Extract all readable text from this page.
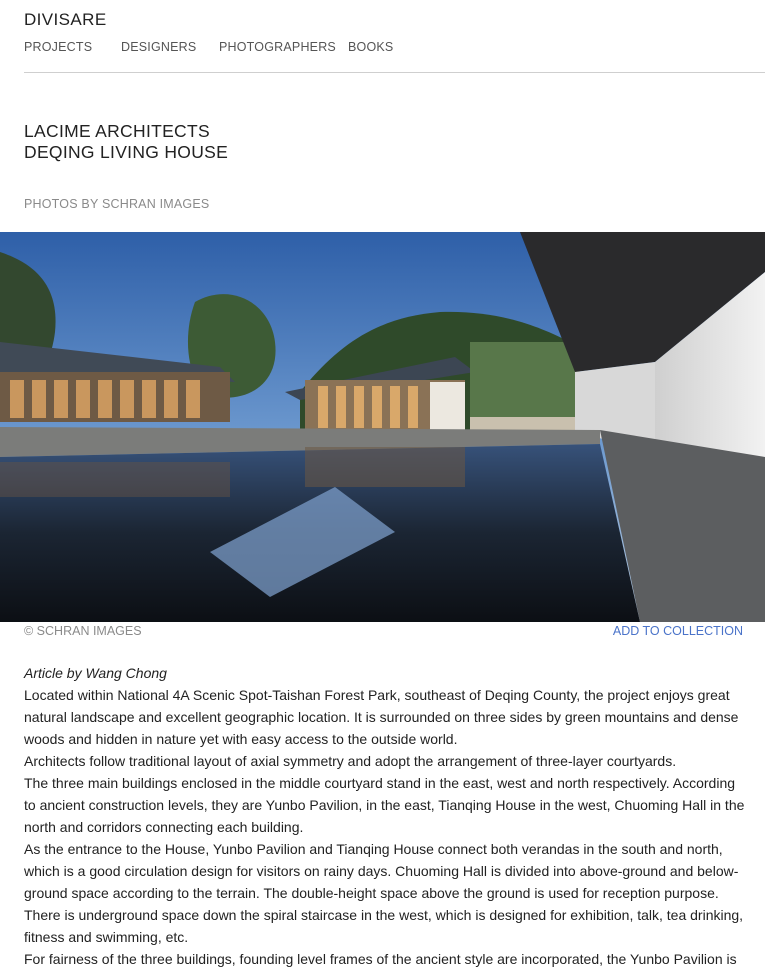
DIVISARE
PROJECTS DESIGNERS PHOTOGRAPHERS BOOKS
LACIME ARCHITECTS
DEQING LIVING HOUSE
PHOTOS BY SCHRAN IMAGES
© SCHRAN IMAGES	ADD TO COLLECTION

Article by Wang Chong

Located within National 4A Scenic Spot-Taishan Forest Park, southeast of Deqing County, the project enjoys great natural landscape and excellent geographic location. It is surrounded on three sides by green mountains and dense woods and hidden in nature yet with easy access to the outside world.

Architects follow traditional layout of axial symmetry and adopt the arrangement of three-layer courtyards.

The three main buildings enclosed in the middle courtyard stand in the east, west and north respectively. According to ancient construction levels, they are Yunbo Pavilion, in the east, Tianqing House in the west, Chuoming Hall in the north and corridors connecting each building.

As the entrance to the House, Yunbo Pavilion and Tianqing House connect both verandas in the south and north, which is a good circulation design for visitors on rainy days. Chuoming Hall is divided into above-ground and below-ground space according to the terrain. The double-height space above the ground is used for reception purpose. There is underground space down the spiral staircase in the west, which is designed for exhibition, talk, tea drinking, fitness and swimming, etc.

For fairness of the three buildings, founding level frames of the ancient style are incorporated, the Yunbo Pavilion is
